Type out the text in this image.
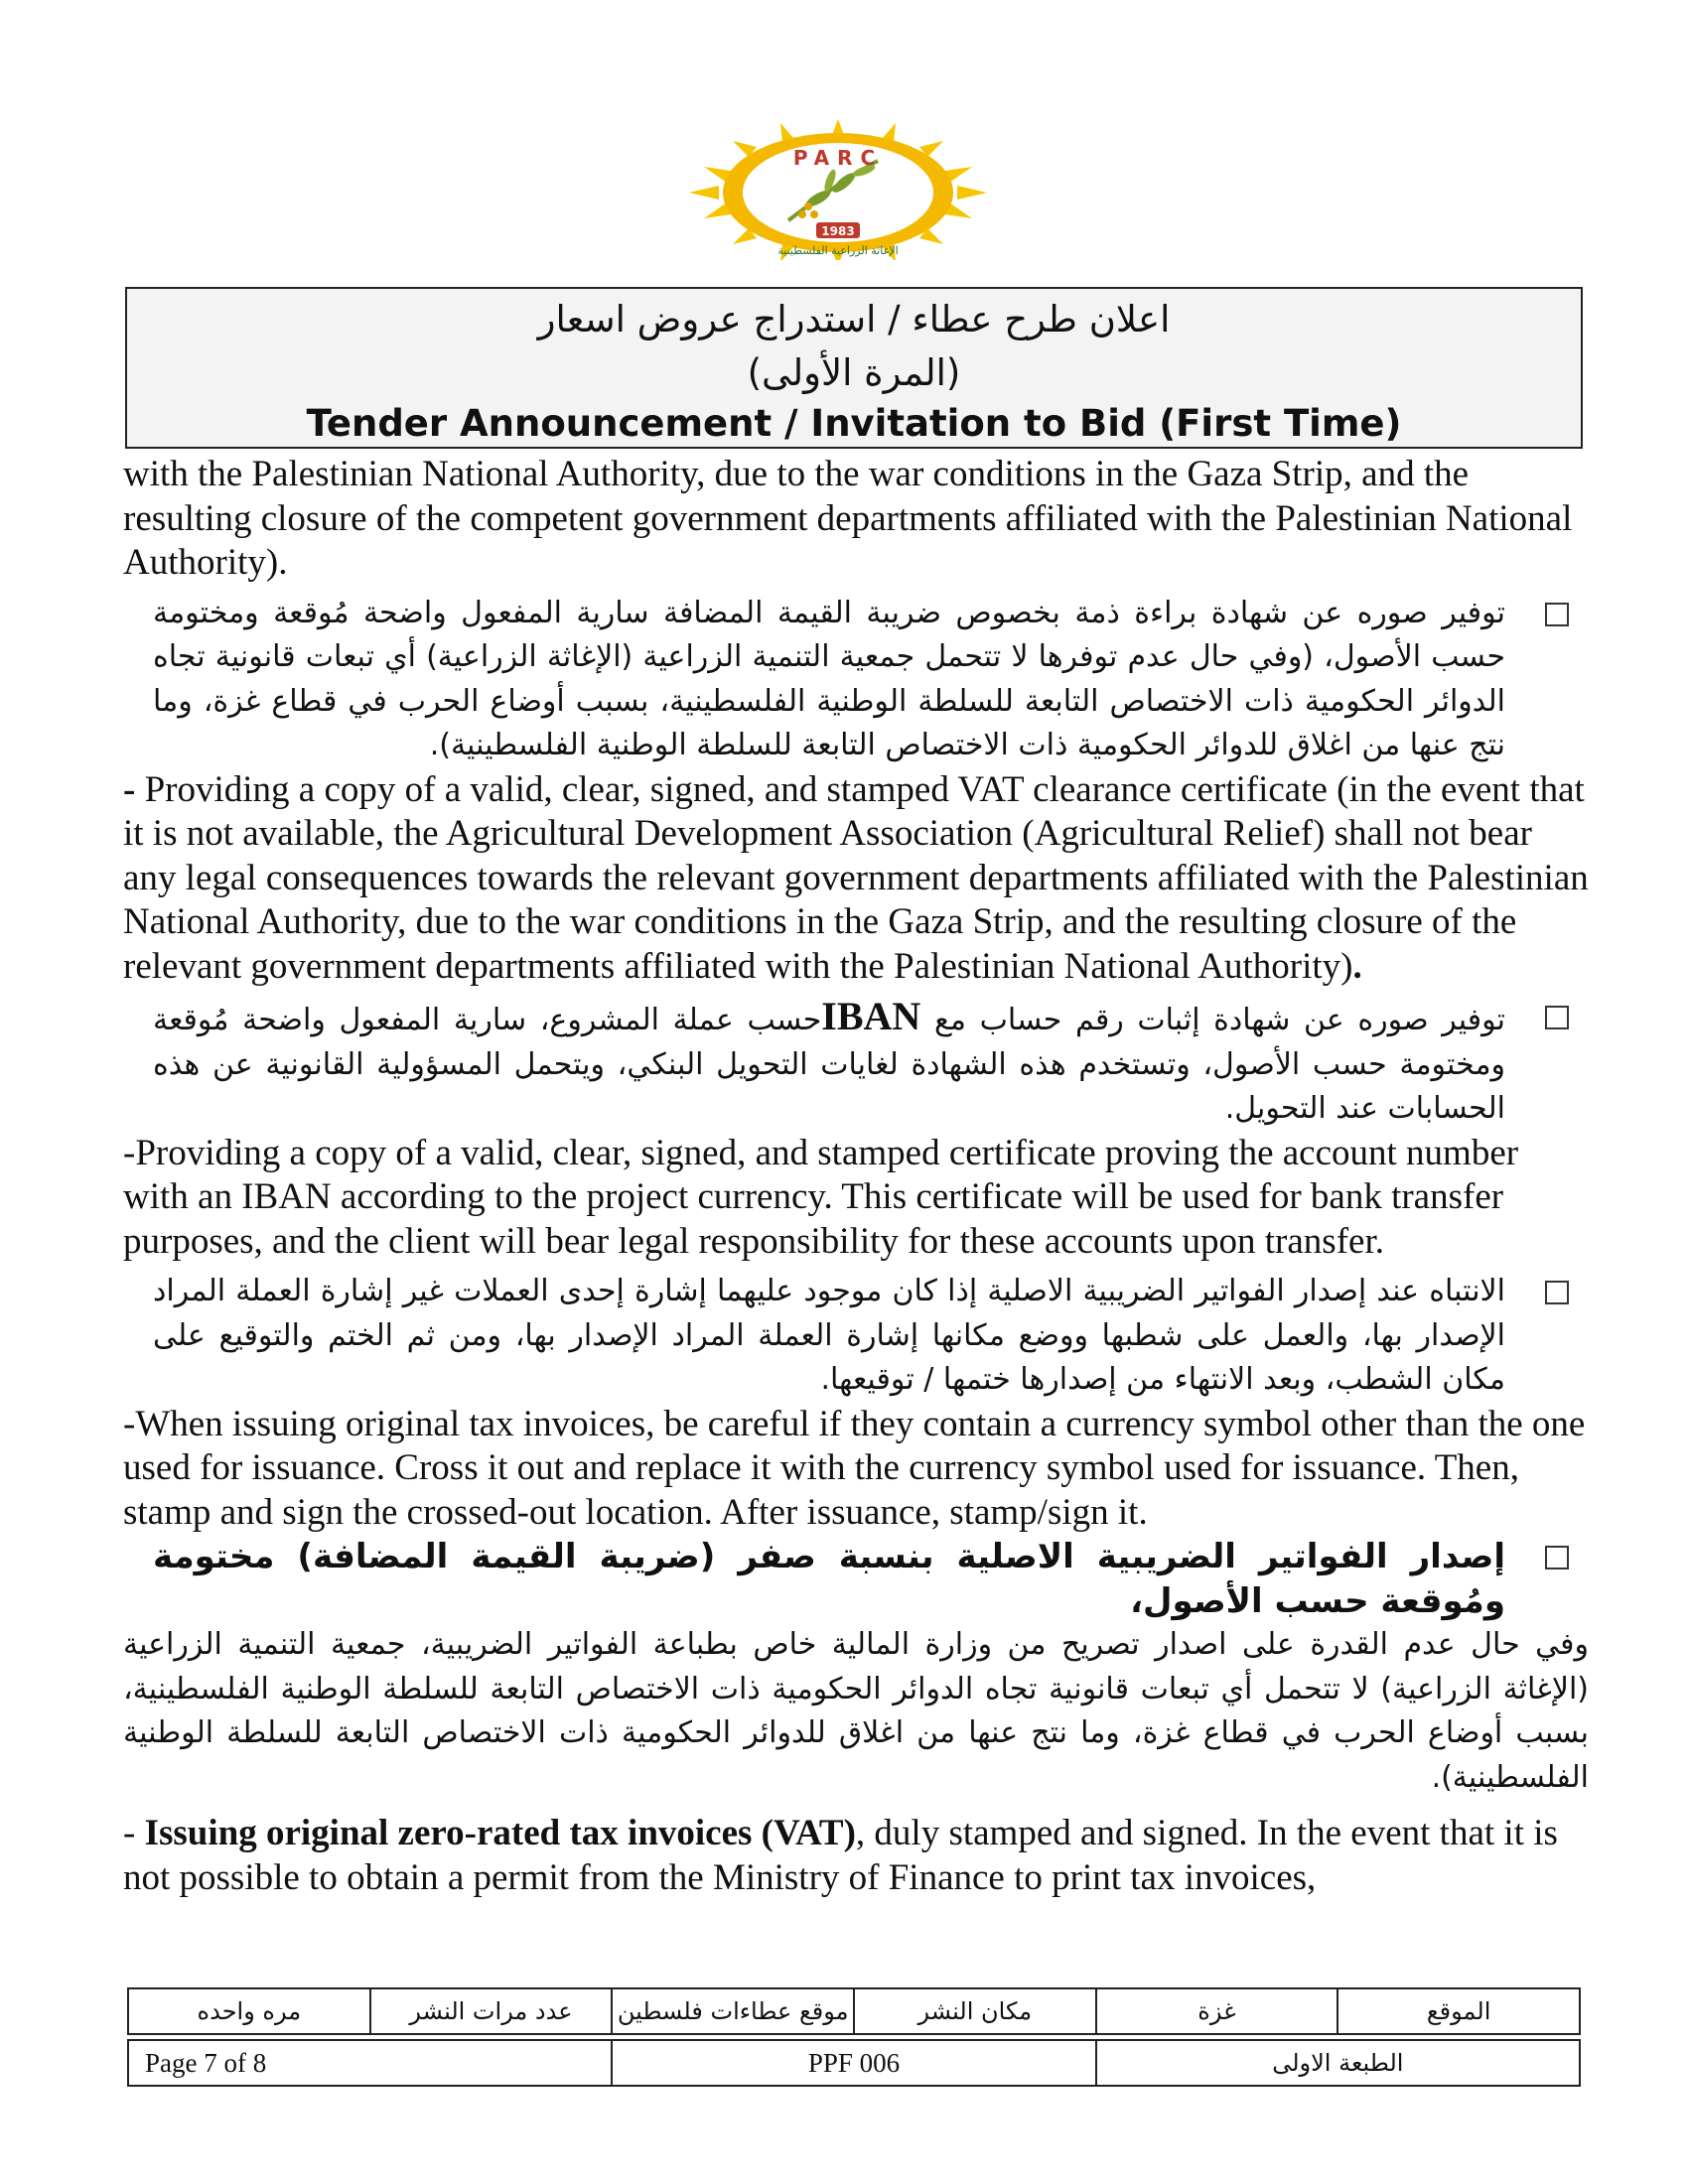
PARC
1983
الإغاثة الزراعية الفلسطينية
اعلان طرح عطاء / استدراج عروض اسعار
(المرة الأولى)
Tender Announcement / Invitation to Bid (First Time)

with the Palestinian National Authority, due to the war conditions in the Gaza Strip, and the resulting closure of the competent government departments affiliated with the Palestinian National Authority).

توفير صوره عن شهادة براءة ذمة بخصوص ضريبة القيمة المضافة سارية المفعول واضحة مُوقعة ومختومة حسب الأصول، (وفي حال عدم توفرها لا تتحمل جمعية التنمية الزراعية (الإغاثة الزراعية) أي تبعات قانونية تجاه الدوائر الحكومية ذات الاختصاص التابعة للسلطة الوطنية الفلسطينية، بسبب أوضاع الحرب في قطاع غزة، وما نتج عنها من اغلاق للدوائر الحكومية ذات الاختصاص التابعة للسلطة الوطنية الفلسطينية).

- Providing a copy of a valid, clear, signed, and stamped VAT clearance certificate (in the event that it is not available, the Agricultural Development Association (Agricultural Relief) shall not bear any legal consequences towards the relevant government departments affiliated with the Palestinian National Authority, due to the war conditions in the Gaza Strip, and the resulting closure of the relevant government departments affiliated with the Palestinian National Authority).

توفير صوره عن شهادة إثبات رقم حساب مع IBANحسب عملة المشروع، سارية المفعول واضحة مُوقعة ومختومة حسب الأصول، وتستخدم هذه الشهادة لغايات التحويل البنكي، ويتحمل المسؤولية القانونية عن هذه الحسابات عند التحويل.

-Providing a copy of a valid, clear, signed, and stamped certificate proving the account number with an IBAN according to the project currency. This certificate will be used for bank transfer purposes, and the client will bear legal responsibility for these accounts upon transfer.

الانتباه عند إصدار الفواتير الضريبية الاصلية إذا كان موجود عليهما إشارة إحدى العملات غير إشارة العملة المراد الإصدار بها، والعمل على شطبها ووضع مكانها إشارة العملة المراد الإصدار بها، ومن ثم الختم والتوقيع على مكان الشطب، وبعد الانتهاء من إصدارها ختمها / توقيعها.

-When issuing original tax invoices, be careful if they contain a currency symbol other than the one used for issuance. Cross it out and replace it with the currency symbol used for issuance. Then, stamp and sign the crossed-out location. After issuance, stamp/sign it.

إصدار الفواتير الضريبية الاصلية بنسبة صفر (ضريبة القيمة المضافة) مختومة ومُوقعة حسب الأصول،

وفي حال عدم القدرة على اصدار تصريح من وزارة المالية خاص بطباعة الفواتير الضريبية، جمعية التنمية الزراعية (الإغاثة الزراعية) لا تتحمل أي تبعات قانونية تجاه الدوائر الحكومية ذات الاختصاص التابعة للسلطة الوطنية الفلسطينية، بسبب أوضاع الحرب في قطاع غزة، وما نتج عنها من اغلاق للدوائر الحكومية ذات الاختصاص التابعة للسلطة الوطنية الفلسطينية).

- Issuing original zero-rated tax invoices (VAT), duly stamped and signed. In the event that it is not possible to obtain a permit from the Ministry of Finance to print tax invoices,

مره واحده	عدد مرات النشر	موقع عطاءات فلسطين	مكان النشر	غزة	الموقع
Page 7 of 8	PPF 006	الطبعة الاولى
